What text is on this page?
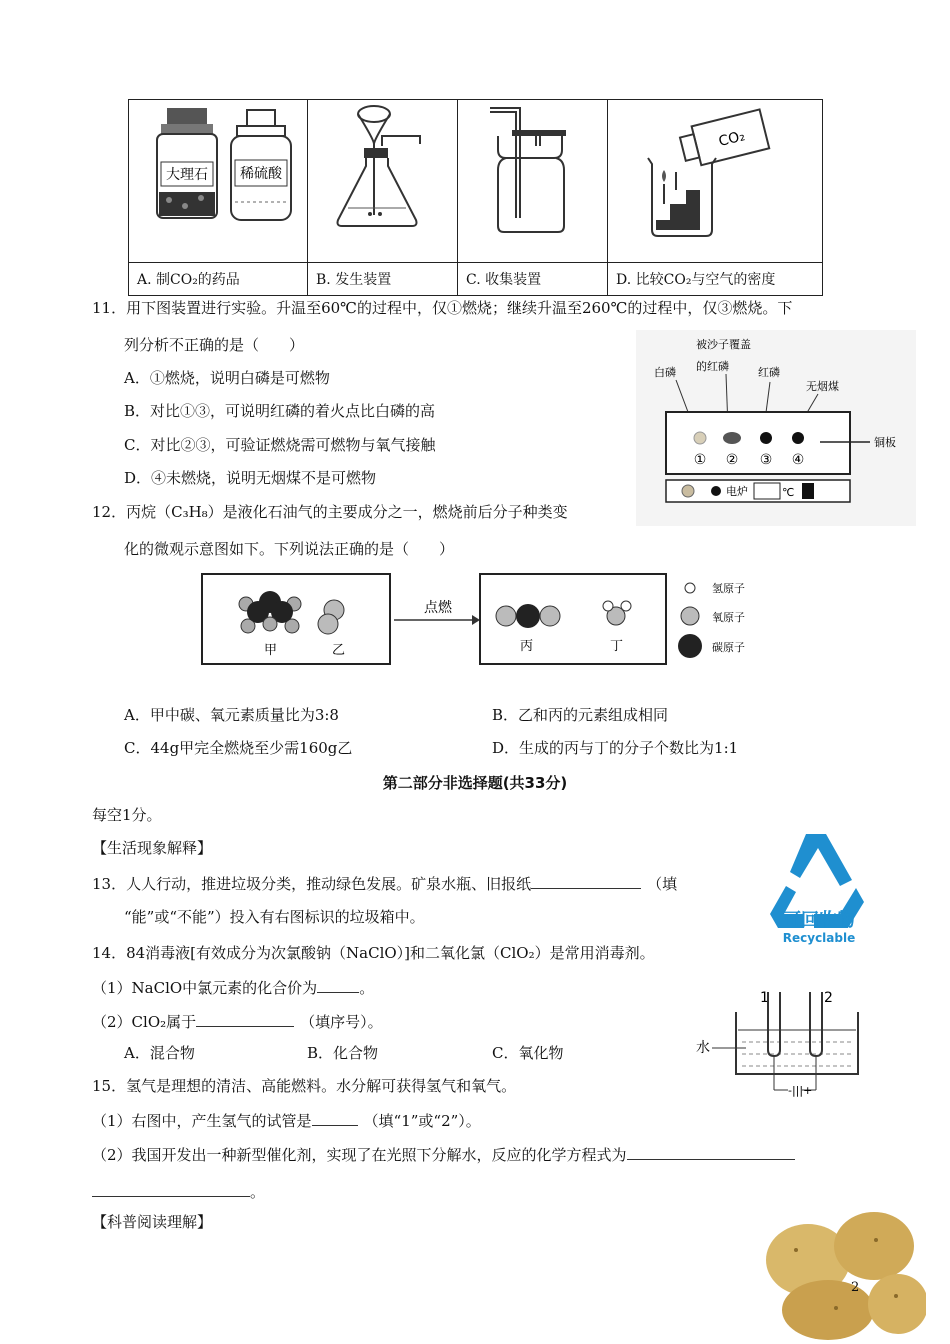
大理石 稀硫酸			CO₂

A. 制CO₂的药品	B. 发生装置	C. 收集装置	D. 比较CO₂与空气的密度
11．用下图装置进行实验。升温至60℃的过程中，仅①燃烧；继续升温至260℃的过程中，仅③燃烧。下
列分析不正确的是（　　）
A．①燃烧，说明白磷是可燃物
B．对比①③，可说明红磷的着火点比白磷的高
C．对比②③，可验证燃烧需可燃物与氧气接触
D．④未燃烧，说明无烟煤不是可燃物
被沙子覆盖
的红磷
白磷	红磷
无烟煤
铜板
① ② ③ ④
电炉	℃
12．丙烷（C₃H₈）是液化石油气的主要成分之一，燃烧前后分子种类变
化的微观示意图如下。下列说法正确的是（　　）
甲	乙
点燃
丙	丁
氢原子
氧原子
碳原子
A．甲中碳、氧元素质量比为3:8	B．乙和丙的元素组成相同
C．44g甲完全燃烧至少需160g乙	D．生成的丙与丁的分子个数比为1:1
第二部分非选择题(共33分)
每空1分。
【生活现象解释】
13．人人行动，推进垃圾分类，推动绿色发展。矿泉水瓶、旧报纸	（填
“能”或“不能”）投入有右图标识的垃圾箱中。	可回收物
Recyclable
14．84消毒液[有效成分为次氯酸钠（NaClO）]和二氧化氯（ClO₂）是常用消毒剂。
（1）NaClO中氯元素的化合价为	。
（2）ClO₂属于	（填序号）。
A．混合物	B．化合物	C．氧化物
1	2
-|||+
水
15．氢气是理想的清洁、高能燃料。水分解可获得氢气和氧气。
（1）右图中，产生氢气的试管是	（填“1”或“2”）。
（2）我国开发出一种新型催化剂，实现了在光照下分解水，反应的化学方程式为
。
【科普阅读理解】
2
